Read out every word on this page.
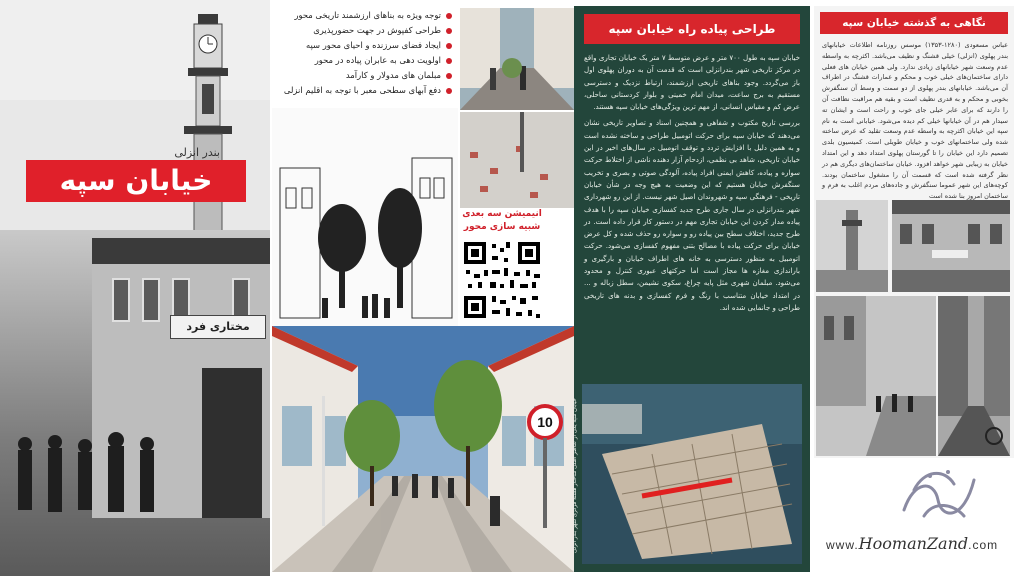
مختاری فرد
بندر انزلی
خیابان سپه
توجه ویژه به بناهای ارزشمند تاریخی محور
طراحی کفپوش در جهت حضورپذیری
ایجاد فضای سرزنده و احیای محور سپه
اولویت دهی به عابران پیاده در محور
مبلمان های مدولار و کارآمد
دفع آبهای سطحی معبر با توجه به اقلیم انزلی
انیمیشن سه بعدی
شبیه سازی محور
10
طراحی پیاده راه خیابان سپه

خیابان سپه به طول ۷۰۰ متر و عرض متوسط ۷ متر یک خیابان تجاری واقع در مرکز تاریخی شهر بندرانزلی است که قدمت آن به دوران پهلوی اول باز می‌گردد. وجود بناهای تاریخی ارزشمند، ارتباط نزدیک و دسترسی مستقیم به برج ساعت، میدان امام خمینی و بلوار کردستانی ساحلی، عرض کم و مقیاس انسانی، از مهم ترین ویژگی‌های خیابان سپه هستند.

بررسی تاریخ مکتوب و شفاهی و همچنین اسناد و تصاویر تاریخی نشان می‌دهند که خیابان سپه برای حرکت اتومبیل طراحی و ساخته نشده است و به همین دلیل با افزایش تردد و توقف اتومبیل در سال‌های اخیر در این خیابان تاریخی، شاهد بی نظمی، ازدحام آزار دهنده ناشی از اختلاط حرکت سواره و پیاده، کاهش ایمنی افراد پیاده، آلودگی صوتی و بصری و تخریب سنگفرش خیابان هستیم که این وضعیت به هیچ وجه در شأن خیابان تاریخی - فرهنگی سپه و شهروندان اصیل شهر نیست. از این رو شهرداری شهر بندرانزلی در سال جاری طرح جدید کفسازی خیابان سپه را با هدف پیاده مدار کردن این خیابان تجاری مهم در دستور کار قرار داده است. در طرح جدید، اختلاف سطح بین پیاده رو و سواره رو حذف شده و کل عرض خیابان برای حرکت پیاده با مصالح بتنی مفهوم کفسازی می‌شود. حرکت اتومبیل به منظور دسترسی به خانه های اطراف خیابان و بارگیری و باراندازی مغازه ها مجاز است اما حرکتهای عبوری کنترل و محدود می‌شود. مبلمان شهری مثل پایه چراغ، سکوی نشیمن، سطل زباله و ... در امتداد خیابان متناسب با رنگ و فرم کفسازی و بدنه های تاریخی طراحی و جانمایی شده اند.

خیابان سپه یکی از عناصر اصلی ساختار هسته مرکزی شهر بندر انزلی
نگاهی به گذشته خیابان سپه
عباس مسعودی (۱۲۸۰-۱۳۵۳) موسس روزنامه اطلاعات خیابانهای بندر پهلوی (انزلی) خیلی قشنگ و نظیف می‌باشد. اکثرچه به واسطه عدم وسعت شهر خیابانهای زیادی ندارد. ولی همین خیابان های فعلی دارای ساختمان‌های خیلی خوب و محکم و عمارات قشنگ در اطراف آن می‌باشد. خیابانهای بندر پهلوی از دو سمت و وسط آن سنگفرش بخوبی و محکم و به قدری نظیف است و بقیه هم مراقبت نظافت آن را دارند که برای عابر خیلی جای خوب و راحت است و ایشان ته سیدار هم در آن خیابانها خیلی کم دیده می‌شود. خیابانی است به نام سپه این خیابان اکثرچه به واسطه عدم وسعت تقلید که عرض ساخته شده ولی ساختمانهای خوب و خیابان طویلی است. کمیسیون بلدی تصمیم دارد این خیابان را تا گورستان پهلوی امتداد دهد و این امتداد خیابان به زیبایی شهر خواهد افزود. خیابان ساختمان‌های دیگری هم در نظر گرفته شده است که قسمت آن را مشغول ساختمان بودند. کوچه‌های این شهر عموما سنگفرش و جاده‌های مردم اغلب به فرم و ساختمان امروز بنا شده است
www.HoomanZand.com
